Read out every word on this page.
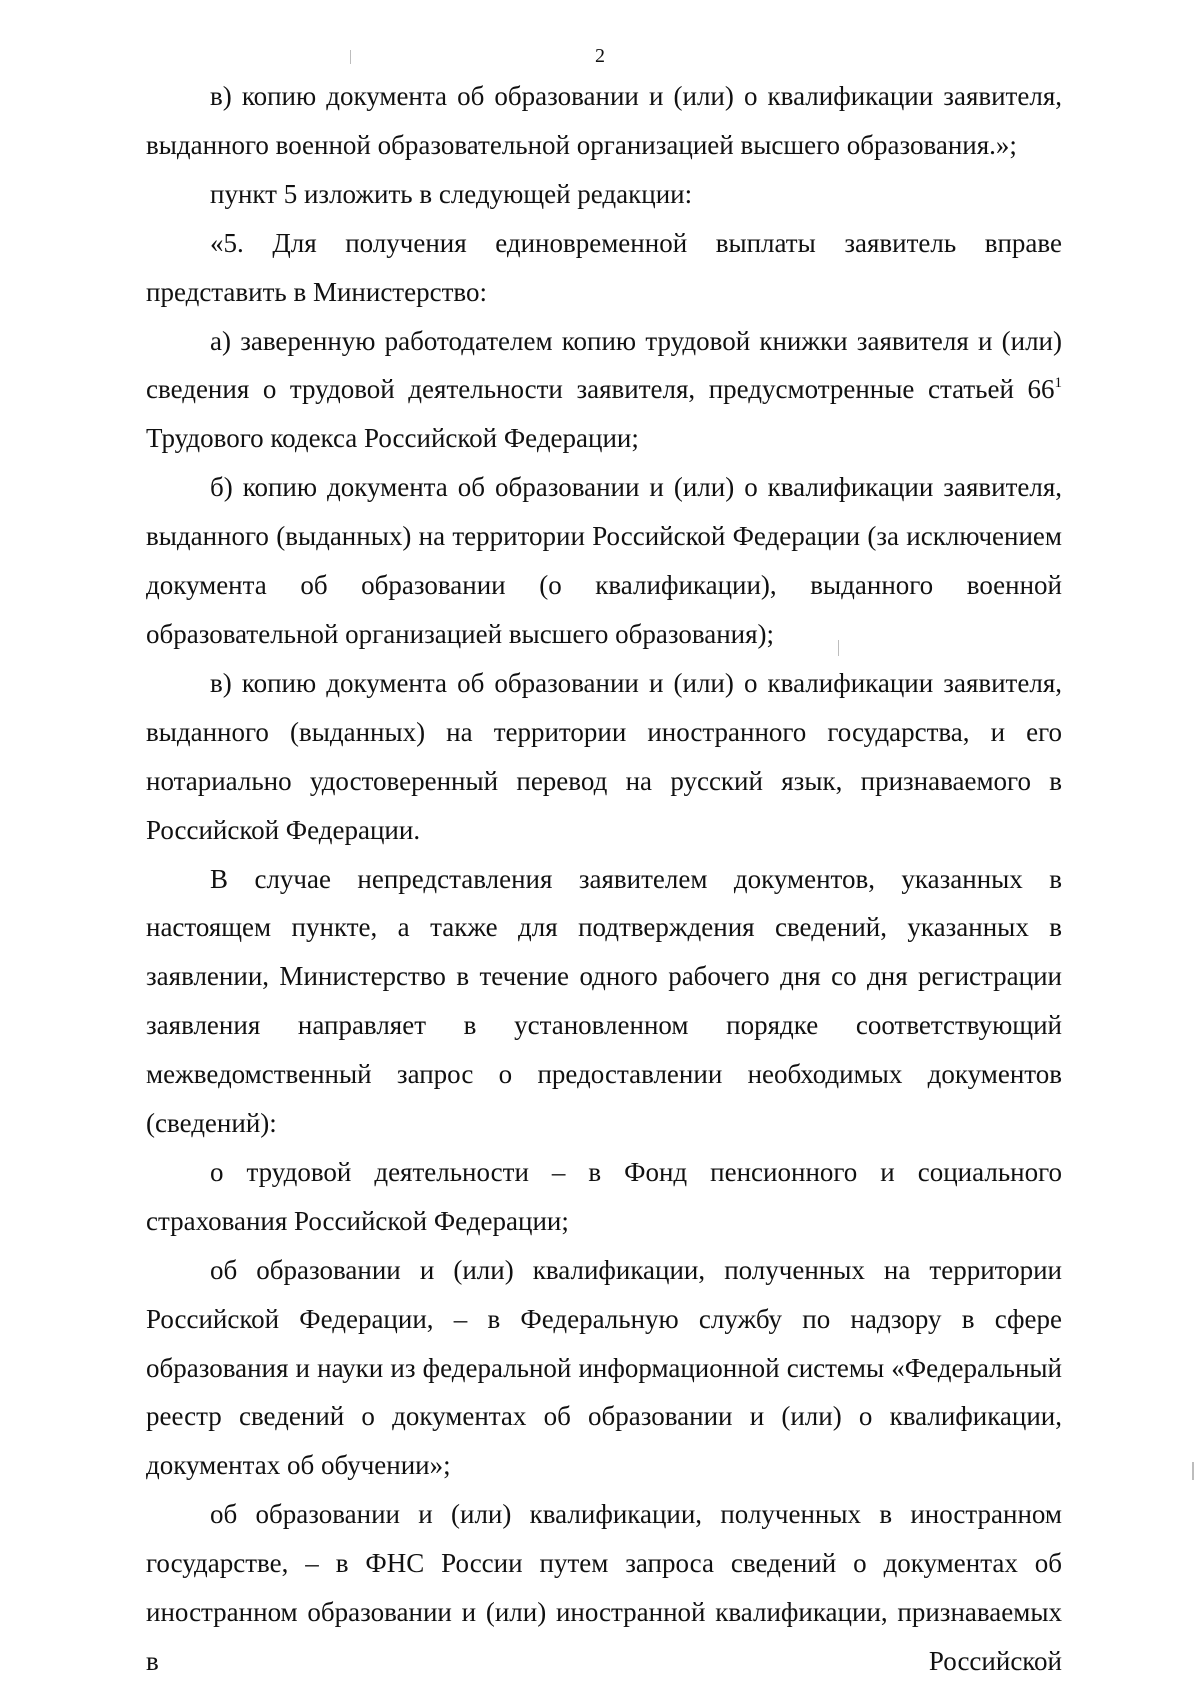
2

в) копию документа об образовании и (или) о квалификации заявителя, выданного военной образовательной организацией высшего образования.»;

пункт 5 изложить в следующей редакции:

«5. Для получения единовременной выплаты заявитель вправе представить в Министерство:

а) заверенную работодателем копию трудовой книжки заявителя и (или) сведения о трудовой деятельности заявителя, предусмотренные статьей $66^1$ Трудового кодекса Российской Федерации;

б) копию документа об образовании и (или) о квалификации заявителя, выданного (выданных) на территории Российской Федерации (за исключением документа об образовании (о квалификации), выданного военной образовательной организацией высшего образования);

в) копию документа об образовании и (или) о квалификации заявителя, выданного (выданных) на территории иностранного государства, и его нотариально удостоверенный перевод на русский язык, признаваемого в Российской Федерации.

В случае непредставления заявителем документов, указанных в настоящем пункте, а также для подтверждения сведений, указанных в заявлении, Министерство в течение одного рабочего дня со дня регистрации заявления направляет в установленном порядке соответствующий межведомственный запрос о предоставлении необходимых документов (сведений):

о трудовой деятельности – в Фонд пенсионного и социального страхования Российской Федерации;

об образовании и (или) квалификации, полученных на территории Российской Федерации, – в Федеральную службу по надзору в сфере образования и науки из федеральной информационной системы «Федеральный реестр сведений о документах об образовании и (или) о квалификации, документах об обучении»;

об образовании и (или) квалификации, полученных в иностранном государстве, – в ФНС России путем запроса сведений о документах об иностранном образовании и (или) иностранной квалификации, признаваемых в Российской
